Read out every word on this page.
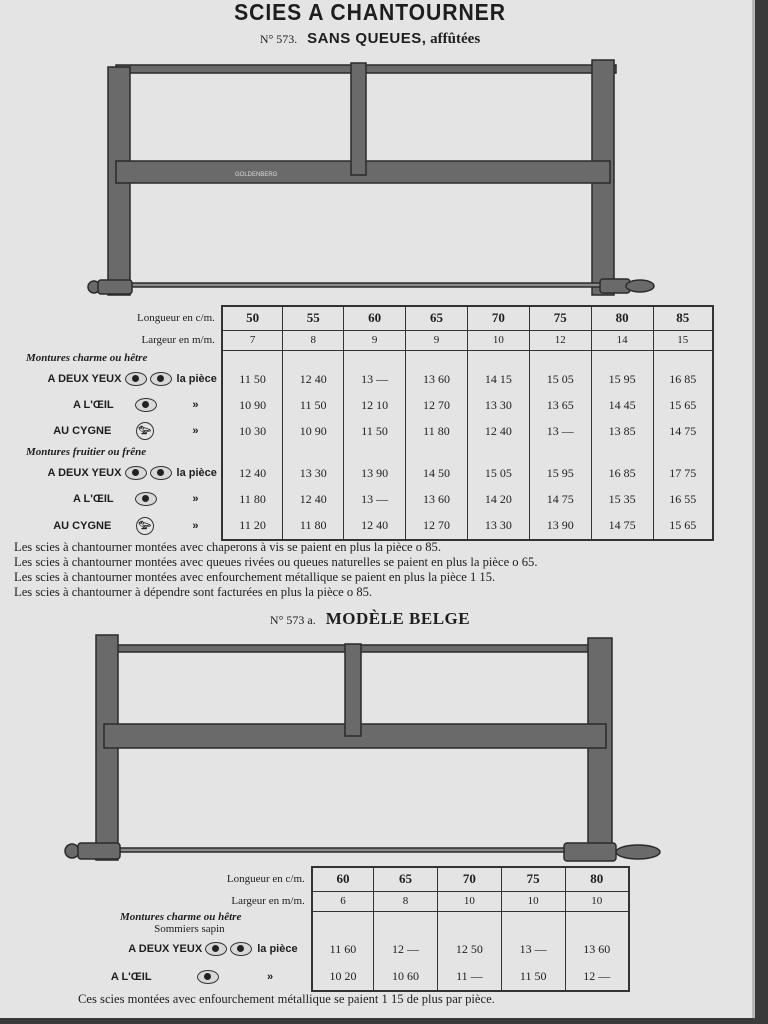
SCIES A CHANTOURNER
N° 573. SANS QUEUES, affûtées
GOLDENBERG
Longueur en c/m.	50	55	60	65	70	75	80	85
Largeur en m/m.	7	8	9	9	10	12	14	15
Montures charme ou hêtre								
A DEUX YEUX la pièce	11 50	12 40	13 —	13 60	14 15	15 05	15 95	16 85
A L'ŒIL »	10 90	11 50	12 10	12 70	13 30	13 65	14 45	15 65
AU CYGNE 𓅰 »	10 30	10 90	11 50	11 80	12 40	13 —	13 85	14 75
Montures fruitier ou frêne								
A DEUX YEUX la pièce	12 40	13 30	13 90	14 50	15 05	15 95	16 85	17 75
A L'ŒIL »	11 80	12 40	13 —	13 60	14 20	14 75	15 35	16 55
AU CYGNE 𓅰 »	11 20	11 80	12 40	12 70	13 30	13 90	14 75	15 65
Les scies à chantourner montées avec chaperons à vis se paient en plus la pièce o 85.
Les scies à chantourner montées avec queues rivées ou queues naturelles se paient en plus la pièce o 65.
Les scies à chantourner montées avec enfourchement métallique se paient en plus la pièce 1 15.
Les scies à chantourner à dépendre sont facturées en plus la pièce o 85.
N° 573 a. MODÈLE BELGE
Longueur en c/m.	60	65	70	75	80
Largeur en m/m.	6	8	10	10	10
Montures charme ou hêtre					
Sommiers sapin					
A DEUX YEUX la pièce	11 60	12 —	12 50	13 —	13 60
A L'ŒIL »	10 20	10 60	11 —	11 50	12 —
Ces scies montées avec enfourchement métallique se paient 1 15 de plus par pièce.
